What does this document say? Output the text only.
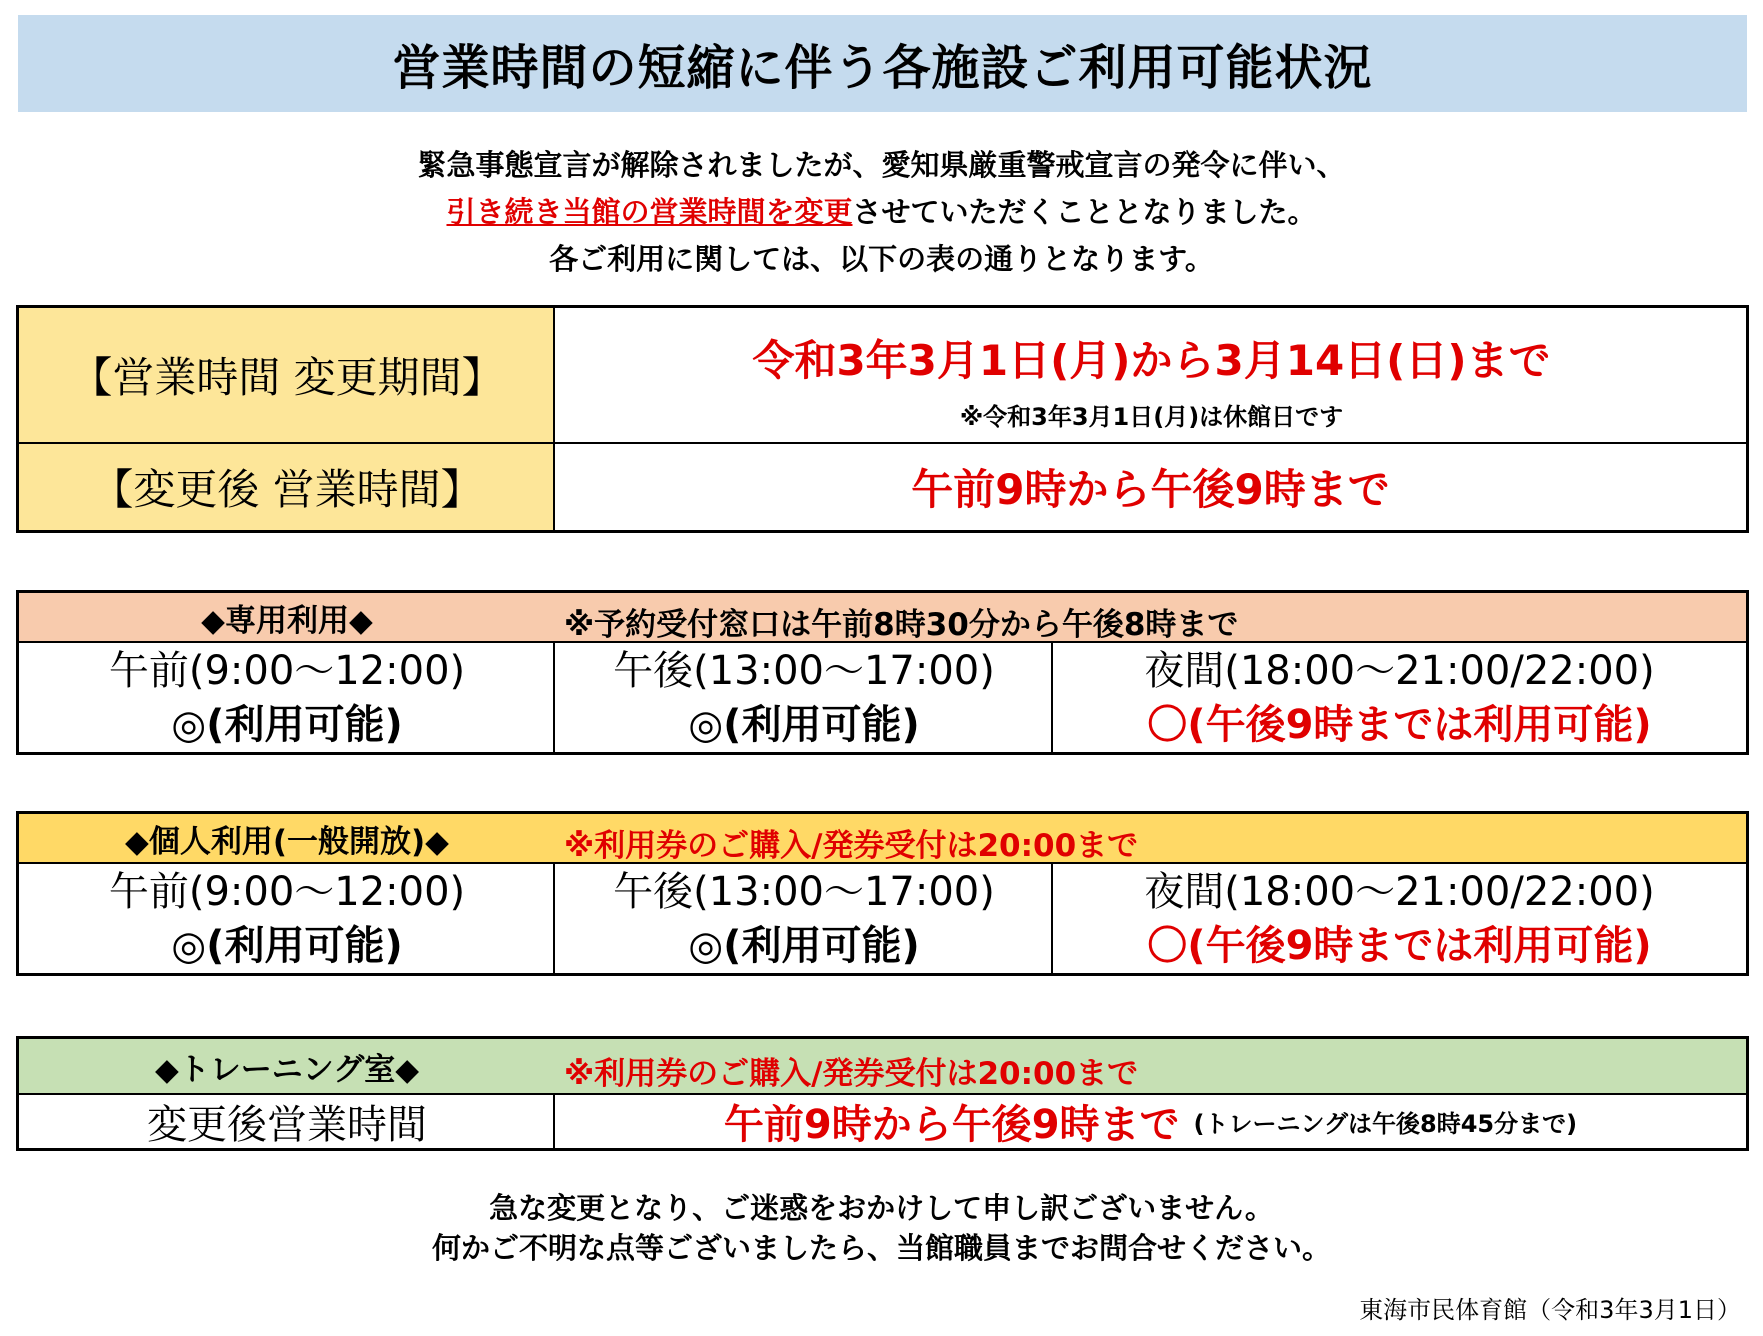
営業時間の短縮に伴う各施設ご利用可能状況
緊急事態宣言が解除されましたが、愛知県厳重警戒宣言の発令に伴い、
引き続き当館の営業時間を変更させていただくこととなりました。
各ご利用に関しては、以下の表の通りとなります。
【営業時間 変更期間】	令和3年3月1日(月)から3月14日(日)まで
※令和3年3月1日(月)は休館日です
【変更後 営業時間】	午前9時から午後9時まで
◆専用利用◆	※予約受付窓口は午前8時30分から午後8時まで
午前(9:00～12:00)
◎(利用可能)
午後(13:00～17:00)
◎(利用可能)
夜間(18:00～21:00/22:00)
〇(午後9時までは利用可能)
◆個人利用(一般開放)◆	※利用券のご購入/発券受付は20:00まで
午前(9:00～12:00)
◎(利用可能)
午後(13:00～17:00)
◎(利用可能)
夜間(18:00～21:00/22:00)
〇(午後9時までは利用可能)
◆トレーニング室◆	※利用券のご購入/発券受付は20:00まで
変更後営業時間	午前9時から午後9時まで (トレーニングは午後8時45分まで)
急な変更となり、ご迷惑をおかけして申し訳ございません。
何かご不明な点等ございましたら、当館職員までお問合せください。
東海市民体育館（令和3年3月1日）
